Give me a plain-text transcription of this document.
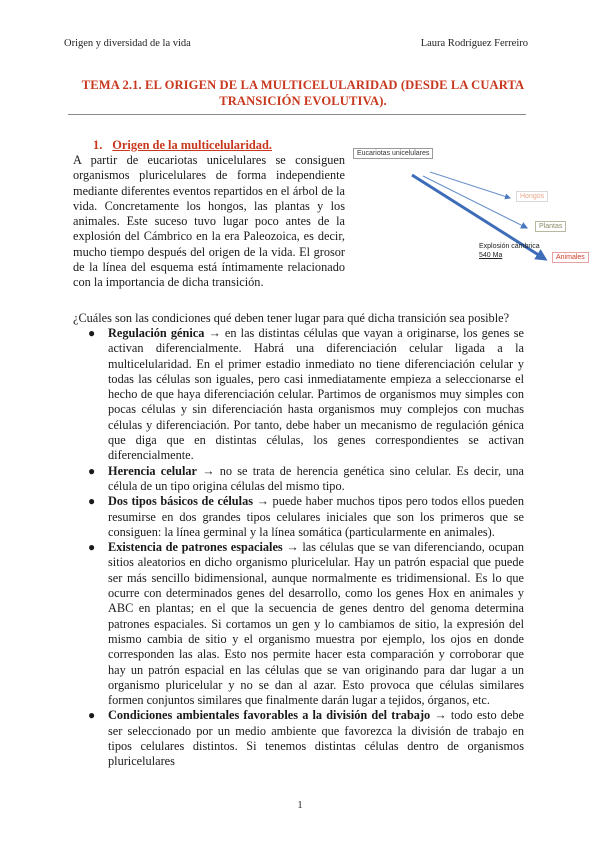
Origen y diversidad de la vida	Laura Rodríguez Ferreiro
TEMA 2.1. EL ORIGEN DE LA MULTICELULARIDAD (DESDE LA CUARTA
TRANSICIÓN EVOLUTIVA).
1. Origen de la multicelularidad.
A partir de eucariotas unicelulares se consiguen organismos pluricelulares de forma independiente mediante diferentes eventos repartidos en el árbol de la vida. Concretamente los hongos, las plantas y los animales. Este suceso tuvo lugar poco antes de la explosión del Cámbrico en la era Paleozoica, es decir, mucho tiempo después del origen de la vida. El grosor de la línea del esquema está íntimamente relacionado con la importancia de dicha transición.
Eucariotas unicelulares
Hongos
Plantas
Animales
Explosión cámbrica
540 Ma
¿Cuáles son las condiciones qué deben tener lugar para qué dicha transición sea posible?
● Regulación génica → en las distintas células que vayan a originarse, los genes se activan diferencialmente. Habrá una diferenciación celular ligada a la multicelularidad. En el primer estadio inmediato no tiene diferenciación celular y todas las células son iguales, pero casi inmediatamente empieza a seleccionarse el hecho de que haya diferenciación celular. Partimos de organismos muy simples con pocas células y sin diferenciación hasta organismos muy complejos con muchas células y diferenciación. Por tanto, debe haber un mecanismo de regulación génica que diga que en distintas células, los genes correspondientes se activan diferencialmente.
● Herencia celular → no se trata de herencia genética sino celular. Es decir, una célula de un tipo origina células del mismo tipo.
● Dos tipos básicos de células → puede haber muchos tipos pero todos ellos pueden resumirse en dos grandes tipos celulares iniciales que son los primeros que se consiguen: la línea germinal y la línea somática (particularmente en animales).
● Existencia de patrones espaciales → las células que se van diferenciando, ocupan sitios aleatorios en dicho organismo pluricelular. Hay un patrón espacial que puede ser más sencillo bidimensional, aunque normalmente es tridimensional. Es lo que ocurre con determinados genes del desarrollo, como los genes Hox en animales y ABC en plantas; en el que la secuencia de genes dentro del genoma determina patrones espaciales. Si cortamos un gen y lo cambiamos de sitio, la expresión del mismo cambia de sitio y el organismo muestra por ejemplo, los ojos en donde corresponden las alas. Esto nos permite hacer esta comparación y corroborar que hay un patrón espacial en las células que se van originando para dar lugar a un organismo pluricelular y no se dan al azar. Esto provoca que células similares formen conjuntos similares que finalmente darán lugar a tejidos, órganos, etc.
● Condiciones ambientales favorables a la división del trabajo → todo esto debe ser seleccionado por un medio ambiente que favorezca la división de trabajo en tipos celulares distintos. Si tenemos distintas células dentro de organismos pluricelulares
1
